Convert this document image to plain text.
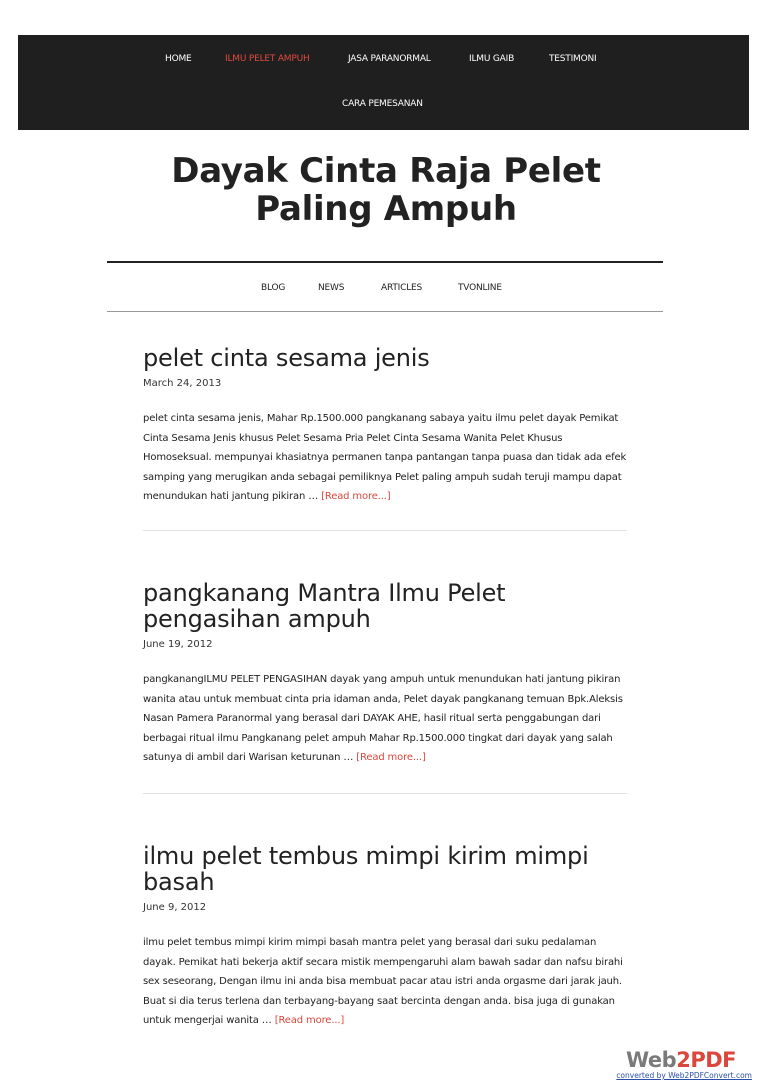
HOME	ILMU PELET AMPUH	JASA PARANORMAL	ILMU GAIB	TESTIMONI
CARA PEMESANAN
Dayak Cinta Raja Pelet Paling Ampuh
BLOG	NEWS	ARTICLES	TVONLINE
pelet cinta sesama jenis
March 24, 2013
pelet cinta sesama jenis, Mahar Rp.1500.000 pangkanang sabaya yaitu ilmu pelet dayak Pemikat Cinta Sesama Jenis khusus Pelet Sesama Pria Pelet Cinta Sesama Wanita Pelet Khusus Homoseksual. mempunyai khasiatnya permanen tanpa pantangan tanpa puasa dan tidak ada efek samping yang merugikan anda sebagai pemiliknya Pelet paling ampuh sudah teruji mampu dapat menundukan hati jantung pikiran … [Read more...]
pangkanang Mantra Ilmu Pelet pengasihan ampuh
June 19, 2012
pangkanangILMU PELET PENGASIHAN dayak yang ampuh untuk menundukan hati jantung pikiran wanita atau untuk membuat cinta pria idaman anda, Pelet dayak pangkanang temuan Bpk.Aleksis Nasan Pamera Paranormal yang berasal dari DAYAK AHE, hasil ritual serta penggabungan dari berbagai ritual ilmu Pangkanang pelet ampuh Mahar Rp.1500.000 tingkat dari dayak yang salah satunya di ambil dari Warisan keturunan … [Read more...]
ilmu pelet tembus mimpi kirim mimpi basah
June 9, 2012
ilmu pelet tembus mimpi kirim mimpi basah mantra pelet yang berasal dari suku pedalaman dayak. Pemikat hati bekerja aktif secara mistik mempengaruhi alam bawah sadar dan nafsu birahi sex seseorang, Dengan ilmu ini anda bisa membuat pacar atau istri anda orgasme dari jarak jauh. Buat si dia terus terlena dan terbayang-bayang saat bercinta dengan anda. bisa juga di gunakan untuk mengerjai wanita … [Read more...]
Web2PDF
converted by Web2PDFConvert.com
